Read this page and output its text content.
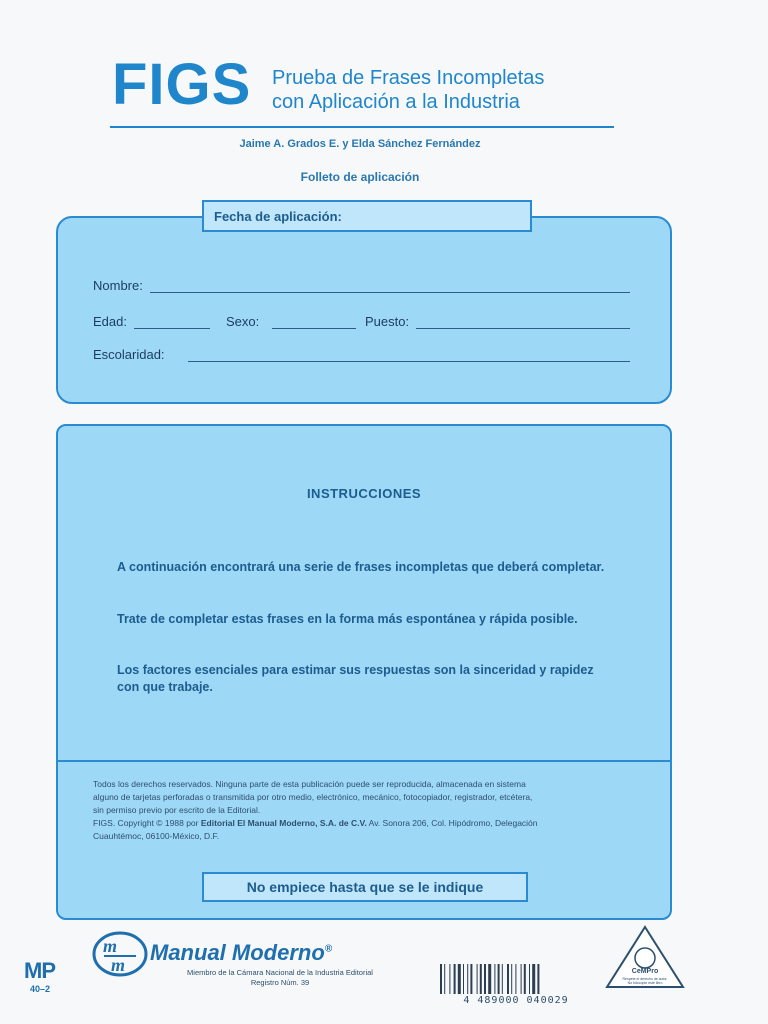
FIGS Prueba de Frases Incompletas
con Aplicación a la Industria
Jaime A. Grados E. y Elda Sánchez Fernández
Folleto de aplicación
Fecha de aplicación:
Nombre:
Edad:	Sexo:	Puesto:
Escolaridad:
INSTRUCCIONES
A continuación encontrará una serie de frases incompletas que deberá completar.
Trate de completar estas frases en la forma más espontánea y rápida posible.
Los factores esenciales para estimar sus respuestas son la sinceridad y rapidez con que trabaje.
Todos los derechos reservados. Ninguna parte de esta publicación puede ser reproducida, almacenada en sistema
alguno de tarjetas perforadas o transmitida por otro medio, electrónico, mecánico, fotocopiador, registrador, etcétera,
sin permiso previo por escrito de la Editorial.
FIGS. Copyright © 1988 por Editorial El Manual Moderno, S.A. de C.V. Av. Sonora 206, Col. Hipódromo, Delegación
Cuauhtémoc, 06100-México, D.F.
No empiece hasta que se le indique
MP
40–2
m
m Manual Moderno®
Miembro de la Cámara Nacional de la Industria Editorial
Registro Núm. 39
4 489000 040029
CeMPro
Respete el derecho de autor. No fotocopie este libro
